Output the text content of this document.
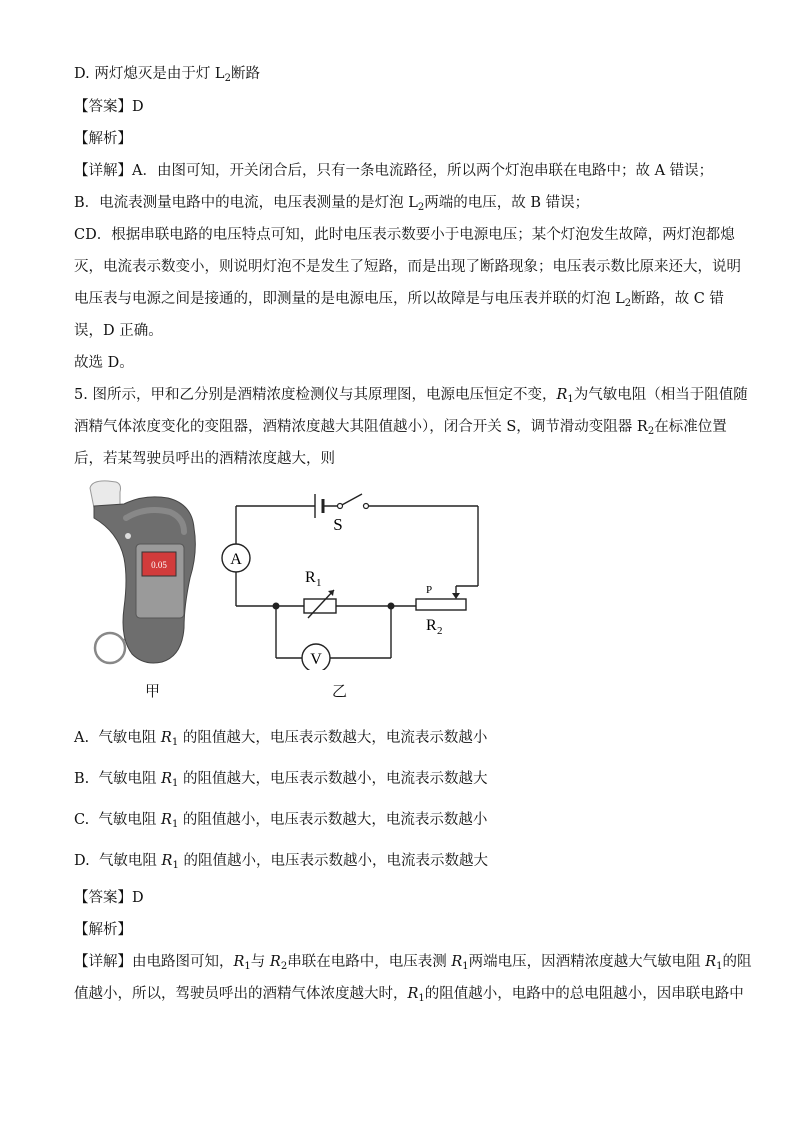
D. 两灯熄灭是由于灯 $L_2$断路
【答案】D
【解析】
【详解】A．由图可知，开关闭合后，只有一条电流路径，所以两个灯泡串联在电路中；故 A 错误；
B．电流表测量电路中的电流，电压表测量的是灯泡 $L_2$两端的电压，故 B 错误；
CD．根据串联电路的电压特点可知，此时电压表示数要小于电源电压；某个灯泡发生故障，两灯泡都熄
灭，电流表示数变小，则说明灯泡不是发生了短路，而是出现了断路现象；电压表示数比原来还大，说明
电压表与电源之间是接通的，即测量的是电源电压，所以故障是与电压表并联的灯泡 $L_2$断路，故 C 错
误，D 正确。
故选 D。
5. 图所示，甲和乙分别是酒精浓度检测仪与其原理图，电源电压恒定不变，$R_1$为气敏电阻（相当于阻值随
酒精气体浓度变化的变阻器，酒精浓度越大其阻值越小），闭合开关 S，调节滑动变阻器 $R_2$在标准位置
后，若某驾驶员呼出的酒精浓度越大，则
0.05	A
V
S
R 1
R 2
P
甲	乙
A. 气敏电阻 $R_1$ 的阻值越大，电压表示数越大，电流表示数越小
B. 气敏电阻 $R_1$ 的阻值越大，电压表示数越小，电流表示数越大
C. 气敏电阻 $R_1$ 的阻值越小，电压表示数越大，电流表示数越小
D. 气敏电阻 $R_1$ 的阻值越小，电压表示数越小，电流表示数越大
【答案】D
【解析】
【详解】由电路图可知，$R_1$与 $R_2$串联在电路中，电压表测 $R_1$两端电压，因酒精浓度越大气敏电阻 $R_1$的阻
值越小，所以，驾驶员呼出的酒精气体浓度越大时，$R_1$的阻值越小，电路中的总电阻越小，因串联电路中
